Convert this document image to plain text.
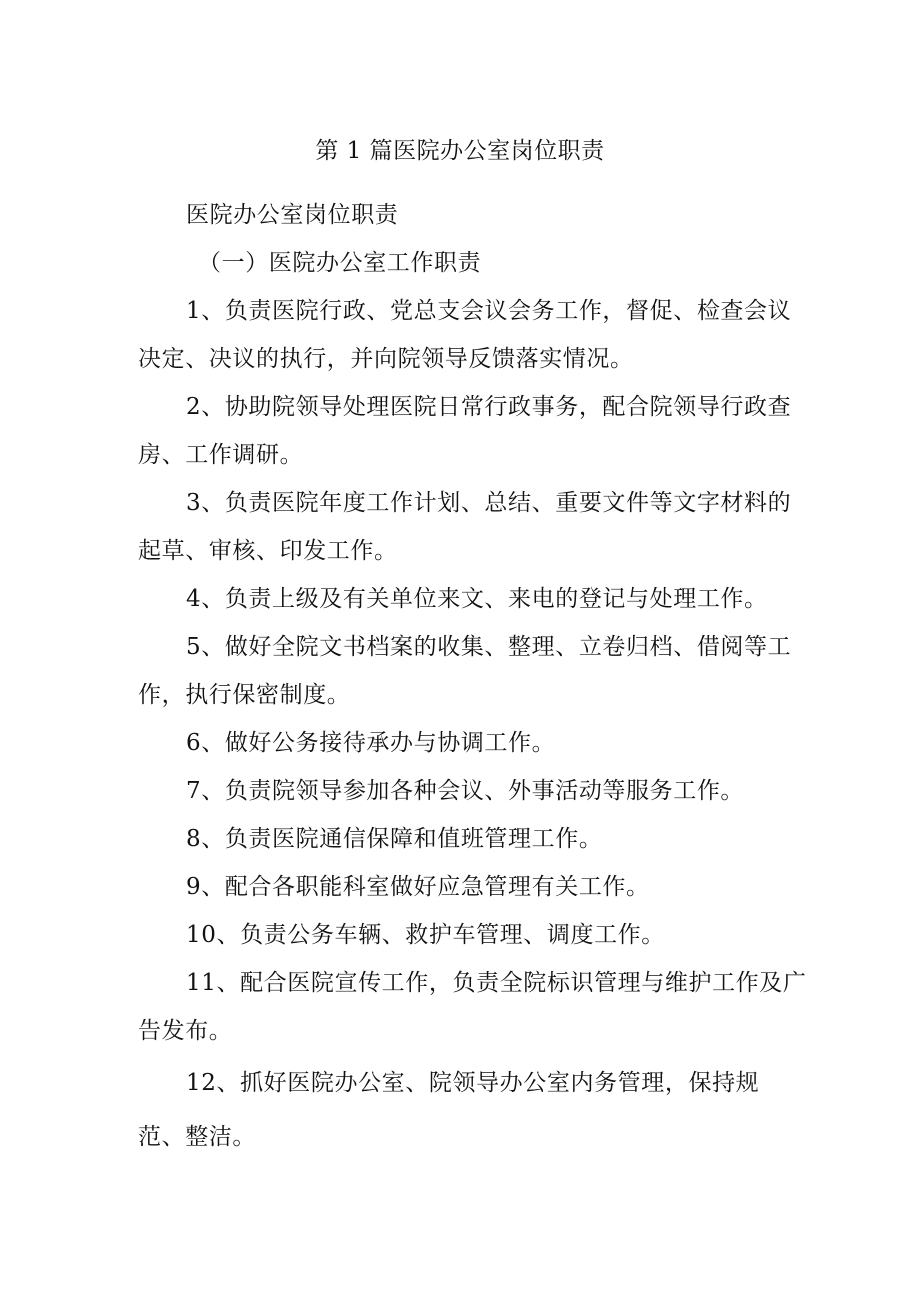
第 1 篇医院办公室岗位职责
医院办公室岗位职责
（一）医院办公室工作职责
1、负责医院行政、党总支会议会务工作，督促、检查会议
决定、决议的执行，并向院领导反馈落实情况。
2、协助院领导处理医院日常行政事务，配合院领导行政查
房、工作调研。
3、负责医院年度工作计划、总结、重要文件等文字材料的
起草、审核、印发工作。
4、负责上级及有关单位来文、来电的登记与处理工作。
5、做好全院文书档案的收集、整理、立卷归档、借阅等工
作，执行保密制度。
6、做好公务接待承办与协调工作。
7、负责院领导参加各种会议、外事活动等服务工作。
8、负责医院通信保障和值班管理工作。
9、配合各职能科室做好应急管理有关工作。
10、负责公务车辆、救护车管理、调度工作。
11、配合医院宣传工作，负责全院标识管理与维护工作及广
告发布。
12、抓好医院办公室、院领导办公室内务管理，保持规
范、整洁。
